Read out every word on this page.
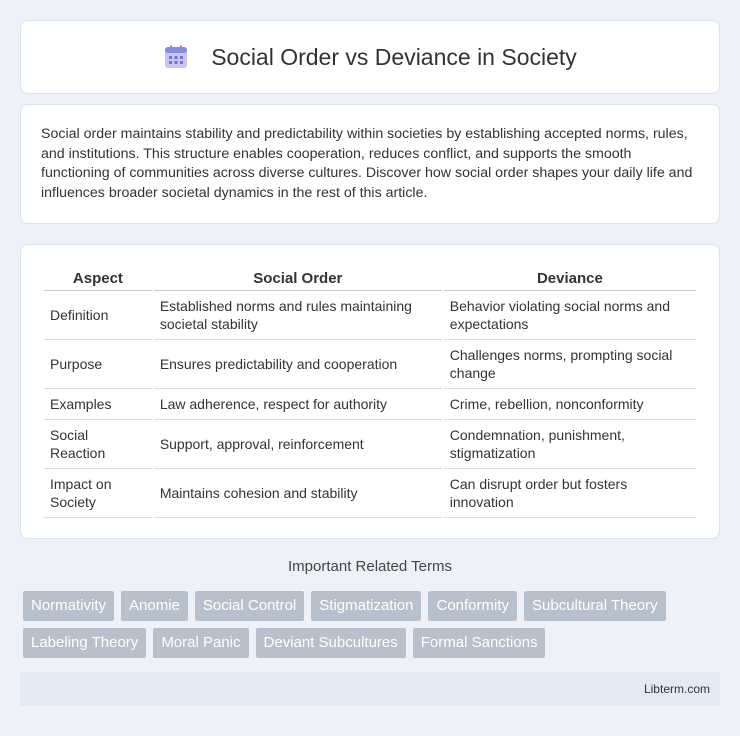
Social Order vs Deviance in Society

Social order maintains stability and predictability within societies by establishing accepted norms, rules, and institutions. This structure enables cooperation, reduces conflict, and supports the smooth functioning of communities across diverse cultures. Discover how social order shapes your daily life and influences broader societal dynamics in the rest of this article.

Aspect	Social Order	Deviance
Definition	Established norms and rules maintaining societal stability	Behavior violating social norms and expectations
Purpose	Ensures predictability and cooperation	Challenges norms, prompting social change
Examples	Law adherence, respect for authority	Crime, rebellion, nonconformity
Social Reaction	Support, approval, reinforcement	Condemnation, punishment, stigmatization
Impact on Society	Maintains cohesion and stability	Can disrupt order but fosters innovation
Important Related Terms
Normativity	Anomie	Social Control	Stigmatization	Conformity	Subcultural Theory
Labeling Theory	Moral Panic	Deviant Subcultures	Formal Sanctions
Libterm.com
